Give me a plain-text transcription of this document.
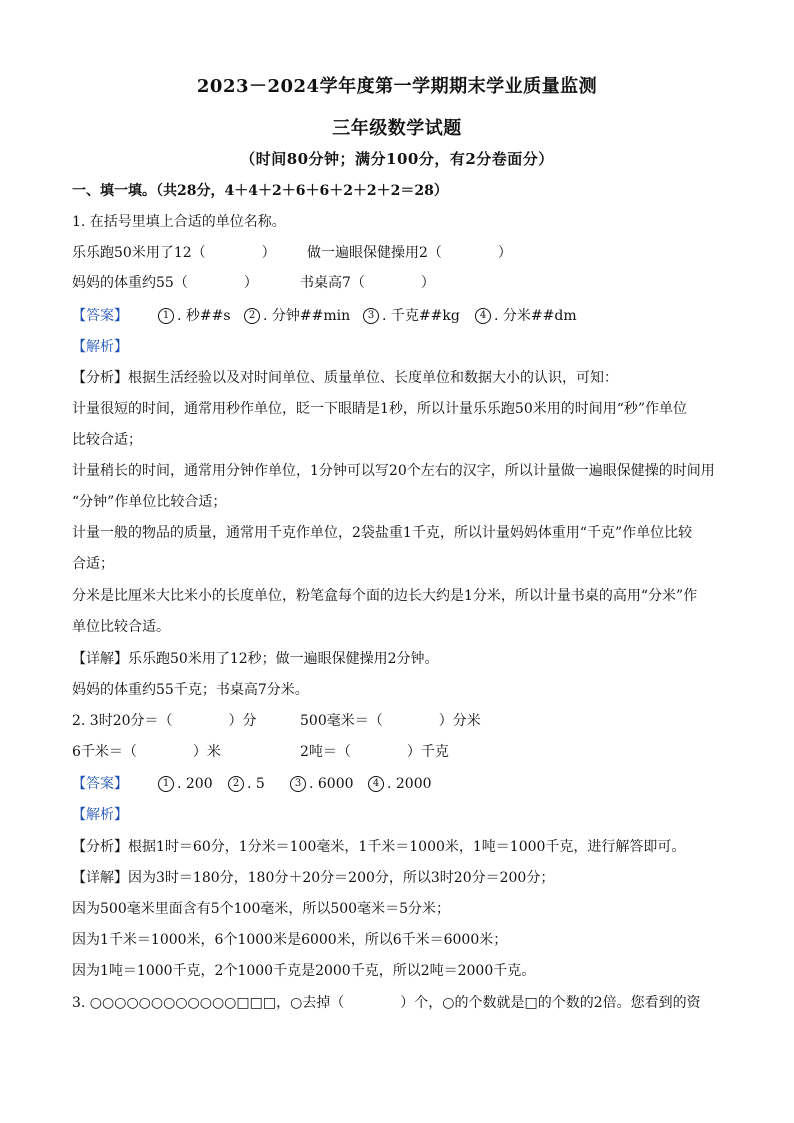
2023－2024学年度第一学期期末学业质量监测
三年级数学试题
（时间80分钟；满分100分，有2分卷面分）
一、填一填。（共28分，4＋4＋2＋6＋6＋2＋2＋2＝28）
1. 在括号里填上合适的单位名称。
乐乐跑50米用了12（　　　　） 做一遍眼保健操用2（　　　　）
妈妈的体重约55（　　　　）	书桌高7（　　　　）
【答案】	1 . 秒##s	2 . 分钟##min	3 . 千克##kg	4 . 分米##dm
【解析】
【分析】根据生活经验以及对时间单位、质量单位、长度单位和数据大小的认识，可知：
计量很短的时间，通常用秒作单位，眨一下眼睛是1秒，所以计量乐乐跑50米用的时间用“秒”作单位
比较合适；
计量稍长的时间，通常用分钟作单位，1分钟可以写20个左右的汉字，所以计量做一遍眼保健操的时间用
“分钟”作单位比较合适；
计量一般的物品的质量，通常用千克作单位，2袋盐重1千克，所以计量妈妈体重用“千克”作单位比较
合适；
分米是比厘米大比米小的长度单位，粉笔盒每个面的边长大约是1分米，所以计量书桌的高用“分米”作
单位比较合适。
【详解】乐乐跑50米用了12秒；做一遍眼保健操用2分钟。
妈妈的体重约55千克；书桌高7分米。
2. 3时20分＝（　　　　）分	500毫米＝（　　　　）分米
6千米＝（　　　　）米	2吨＝（　　　　）千克
【答案】	1 . 200	2 . 5	3 . 6000	4 . 2000
【解析】
【分析】根据1时＝60分，1分米＝100毫米，1千米＝1000米，1吨＝1000千克，进行解答即可。
【详解】因为3时＝180分，180分＋20分＝200分，所以3时20分＝200分；
因为500毫米里面含有5个100毫米，所以500毫米＝5分米；
因为1千米＝1000米，6个1000米是6000米，所以6千米＝6000米；
因为1吨＝1000千克，2个1000千克是2000千克，所以2吨＝2000千克。
3. ○○○○○○○○○○○○□□□，○去掉（　　　　）个，○的个数就是□的个数的2倍。您看到的资
